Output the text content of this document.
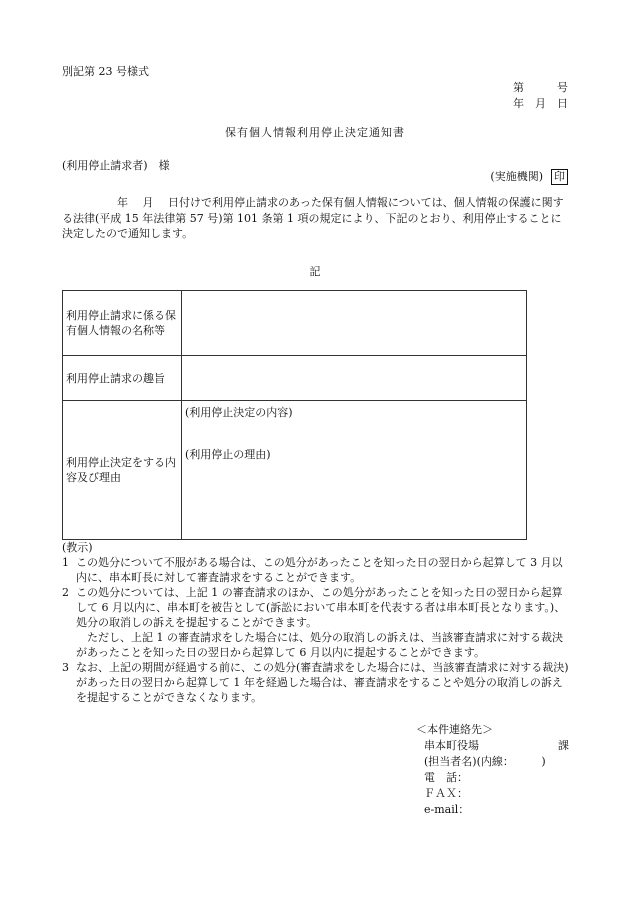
別記第 23 号様式
第　　　号
年　月　日
保有個人情報利用停止決定通知書
(利用停止請求者)　様
(実施機関) 印
　　　　　年　 月　 日付けで利用停止請求のあった保有個人情報については、個人情報の保護に関する法律(平成 15 年法律第 57 号)第 101 条第 1 項の規定により、下記のとおり、利用停止することに決定したので通知します。
記
利用停止請求に係る保有個人情報の名称等	
利用停止請求の趣旨	
利用停止決定をする内容及び理由	(利用停止決定の内容)
(利用停止の理由)
(教示)

1 この処分について不服がある場合は、この処分があったことを知った日の翌日から起算して 3 月以内に、串本町長に対して審査請求をすることができます。

2 この処分については、上記 1 の審査請求のほか、この処分があったことを知った日の翌日から起算して 6 月以内に、串本町を被告として(訴訟において串本町を代表する者は串本町長となります。)、処分の取消しの訴えを提起することができます。

　ただし、上記 1 の審査請求をした場合には、処分の取消しの訴えは、当該審査請求に対する裁決があったことを知った日の翌日から起算して 6 月以内に提起することができます。

3 なお、上記の期間が経過する前に、この処分(審査請求をした場合には、当該審査請求に対する裁決)があった日の翌日から起算して 1 年を経過した場合は、審査請求をすることや処分の取消しの訴えを提起することができなくなります。

＜本件連絡先＞
串本町役場	課
(担当者名)(内線：　　　)
電　話：
ＦＡＸ：
e-mail：
